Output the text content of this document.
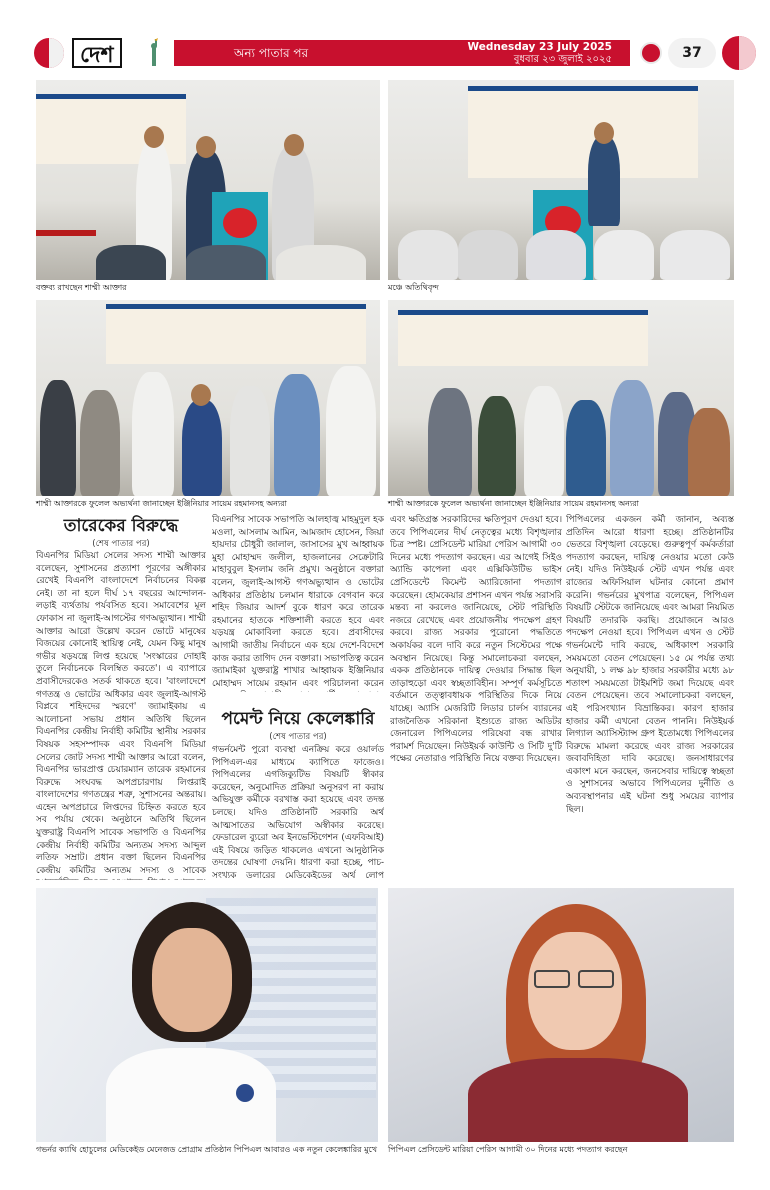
দেশ	অন্য পাতার পর	Wednesday 23 July 2025
বুধবার ২৩ জুলাই ২০২৫	37
বক্তব্য রাখছেন শাম্মী আক্তার	মঞ্চে অতিথিবৃন্দ
শাম্মী আক্তারকে ফুলেল অভ্যর্থনা জানাচ্ছেন ইঞ্জিনিয়ার সায়েম রহমানসহ অন্যরা	শাম্মী আক্তারকে ফুলেল অভ্যর্থনা জানাচ্ছেন ইঞ্জিনিয়ার সায়েম রহমানসহ অন্যরা
তারেকের বিরুদ্ধে
(শেষ পাতার পর)
বিএনপির মিডিয়া সেলের সদস্য শাম্মী আক্তার বলেছেন, সুশাসনের প্রত্যাশা পূরণের অঙ্গীকার রেখেই বিএনপি বাংলাদেশে নির্বাচনের বিকল্প নেই। তা না হলে দীর্ঘ ১৭ বছরের আন্দোলন-লড়াই ব্যর্থতায় পর্যবসিত হবে। সমাবেশের মূল ফোকাস না জুলাই-আগস্টের গণঅভ্যুত্থান। শাম্মী আক্তার আরো উল্লেখ করেন ভোটে মানুষের বিজয়ের কোনোই স্থায়িত্ব নেই, যেমন কিছু মানুষ গভীর ষড়যন্ত্রে লিপ্ত হয়েছে 'সংস্কারের দোহাই তুলে নির্বাচনকে বিলম্বিত করতে'। এ ব্যাপারে প্রবাসীদেরকেও সতর্ক থাকতে হবে। 'বাংলাদেশে গণতন্ত্র ও ভোটের অধিকার এবং জুলাই-আগস্ট বিপ্লবে শহিদদের স্মরণে' জ্যামাইকায় এ আলোচনা সভায় প্রধান অতিথি ছিলেন বিএনপির কেন্দ্রীয় নির্বাহী কমিটির স্থানীয় সরকার বিষয়ক সহসম্পাদক এবং বিএনপি মিডিয়া সেলের জোট সদস্য শাম্মী আক্তার আরো বলেন, বিএনপির ভারপ্রাপ্ত চেয়ারম্যান তারেক রহমানের বিরুদ্ধে সংঘবদ্ধ অপপ্রচারণায় লিপ্তরাই বাংলাদেশের গণতন্ত্রের শত্রু, সুশাসনের অন্তরায়। এহেন অপপ্রচারে লিপ্তদের চিহ্নিত করতে হবে সব পর্যায় থেকে। অনুষ্ঠানে অতিথি ছিলেন যুক্তরাষ্ট্র বিএনপি সাবেক সভাপতি ও বিএনপির কেন্দ্রীয় নির্বাহী কমিটির অন্যতম সদস্য আব্দুল লতিফ সম্রাট। প্রধান বক্তা ছিলেন বিএনপির কেন্দ্রীয় কমিটির অন্যতম সদস্য ও সাবেক
বিএনপির সাবেক সভাপতি আলহাজ্ব মাহমুদুল হক মওলা, আসলাম আমিন, আমজাদ হোসেন, জিয়া হায়দার চৌধুরী জালাল, জাসাসের মুখ আহ্বায়ক মুহা মোহাম্মদ জলীল, হাজলানের সেক্রেটারি মাহাবুবুল ইসলাম জনি প্রমুখ। অনুষ্ঠানে বক্তারা বলেন, জুলাই-আগস্ট গণঅভ্যুত্থান ও ভোটের অধিকার প্রতিষ্ঠায় চলমান ধারাকে বেগবান করে শহিদ জিয়ার আদর্শ বুকে ধারণ করে তারেক রহমানের হাতকে শক্তিশালী করতে হবে এবং যড়যন্ত্র মোকাবিলা করতে হবে। প্রবাসীদের আগামী জাতীয় নির্বাচনে এক হয়ে দেশে-বিদেশে কাজ করার তাগিদ দেন বক্তারা। সভাপতিত্ব করেন জ্যামাইকা যুক্তরাষ্ট্র শাখার আহ্বায়ক ইঞ্জিনিয়ার মোহাম্মদ সায়েম রহমান এবং পরিচালনা করেন
পমেন্ট নিয়ে কেলেঙ্কারি
(শেষ পাতার পর)
গভর্নমেন্ট পুরো ব্যবস্থা এনক্রিয় করে ওয়ার্লড পিপিএল-এর মাধ্যমে ক্যাপিতে ফাজেও। পিপিএলের এগজিক্যুটিভ বিষয়টি স্বীকার করেছেন, অনুমোদিত প্রক্রিয়া অনুসরণ না করায় অভিযুক্ত কর্মীকে বরখাস্ত করা হয়েছে এবং তদন্ত চলছে। যদিও প্রতিষ্ঠানটি সরকারি অর্থ আত্মসাতের অভিযোগ অস্বীকার করেছে। ফেডারেল ব্যুরো অব ইনভেস্টিগেশন (এফবিআই) এই বিষয়ে জড়িত থাকলেও এখনো আনুষ্ঠানিক তদন্তের ঘোষণা দেয়নি। ধারণা করা হচ্ছে, পাচ-সংখ্যক ডলারের মেডিকেইডের অর্থ লোপ
এবং ক্ষতিগ্রস্ত সরকারিদের ক্ষতিপূরণ দেওয়া হবে। তবে পিপিএলের দীর্ঘ নেতৃত্বের মধ্যে বিশৃঙ্খলার চিত্র স্পষ্ট। প্রেসিডেন্ট মারিয়া পেরিস আগামী ৩০ দিনের মধ্যে পদত্যাগ করছেন। এর আগেই সিইও অ্যান্ডি কাপেলা এবং এক্সিকিউটিভ ভাইস প্রেসিডেন্টে কিমেন্ট অ্যারিজোনা পদত্যাগ করেছেন। হোমকেয়ার প্রশাসন এখন পর্যন্ত সরাসরি মন্তব্য না করলেও জানিয়েছে, স্টেট পরিস্থিতি নজরে রেখেছে এবং প্রয়োজনীয় পদক্ষেপ গ্রহণ করবে। রাজ্য সরকার পুরোনো পদ্ধতিতে অকার্যকর বলে দাবি করে নতুন সিস্টেমের পক্ষে অবস্থান নিয়েছে। কিন্তু সমালোচকরা বলছেন, একক প্রতিষ্ঠানকে দায়িত্ব দেওয়ার সিদ্ধান্ত ছিল তাড়াহুড়ো এবং স্বচ্ছতাবিহীন। সম্পূর্ণ কর্মসূচিতে বর্তমানে তত্ত্বাবধায়ক পরিস্থিতির দিকে নিয়ে যাচ্ছে। অ্যাসি মেজরিটি লিডার চার্লস ব্যারনের রাজনৈতিক সরিকানা ইশ্যুতে রাজ্য অডিটর জেনারেল পিপিএলের পরিষেবা বন্ধ রাখার পরামর্শ দিয়েছেন। নিউইয়র্ক কাউন্টি ও সিটি দু'টি পক্ষের নেতারাও পরিস্থিতি নিয়ে বক্তব্য দিয়েছেন।
পিপিএলের একজন কর্মী জানান, অব্যস্ত প্রতিদিন আরো ধারণা হচ্ছে। প্রতিষ্ঠানটির ভেতরে বিশৃঙ্খলা বেড়েছে। গুরুত্বপূর্ণ কর্মকর্তারা পদত্যাগ করছেন, দায়িত্ব নেওয়ার মতো কেউ নেই। যদিও নিউইয়র্ক স্টেট এখন পর্যন্ত এবং রাজ্যের অফিসিয়াল ঘটনার কোনো প্রমাণ করেনি। গভর্নরের মুখপাত্র বলেছেন, পিপিএল বিষয়টি স্টেটকে জানিয়েছে এবং আমরা নিয়মিত বিষয়টি তদারকি করছি। প্রয়োজনে আরও পদক্ষেপ নেওয়া হবে। পিপিএল এখন ও স্টেট গভর্নমেন্টে দাবি করছে, অধিকাংশ সরকারি সময়মতো বেতন পেয়েছেন। ১৫ মে পর্যন্ত তথ্য অনুযায়ী, ১ লক্ষ ৯৮ হাজার সরকারীর মধ্যে ৯৮ শতাংশ সময়মতো টাইমশিট জমা দিয়েছে এবং বেতন পেয়েছেন। তবে সমালোচকরা বলছেন, এই পরিসংখ্যান বিভ্রান্তিকর। কারণ হাজার হাজার কর্মী এখনো বেতন পাননি। নিউইয়র্ক লিগ্যাল অ্যাসিস্ট্যান্স গ্রুপ ইতোমধ্যে পিপিএলের বিরুদ্ধে মামলা করেছে এবং রাজ্য সরকারের জবাবদিহিতা দাবি করেছে। জনসাধারণের একাংশ মনে করছেন, জনসেবার দায়িত্বে স্বচ্ছতা ও সুশাসনের অভাবে পিপিএলের দুর্নীতি ও অব্যবস্থাপনার এই ঘটনা শুধু সময়ের ব্যাপার ছিল।
গভর্নর ক্যাথি হোচুলের মেডিকেইড মেনেজড প্রোগ্রাম প্রতিষ্ঠান পিপিএল আবারও এক নতুন কেলেঙ্কারির মুখে	পিপিএল প্রেসিডেন্ট মারিয়া পেরিস আগামী ৩০ দিনের মধ্যে পদত্যাগ করছেন
